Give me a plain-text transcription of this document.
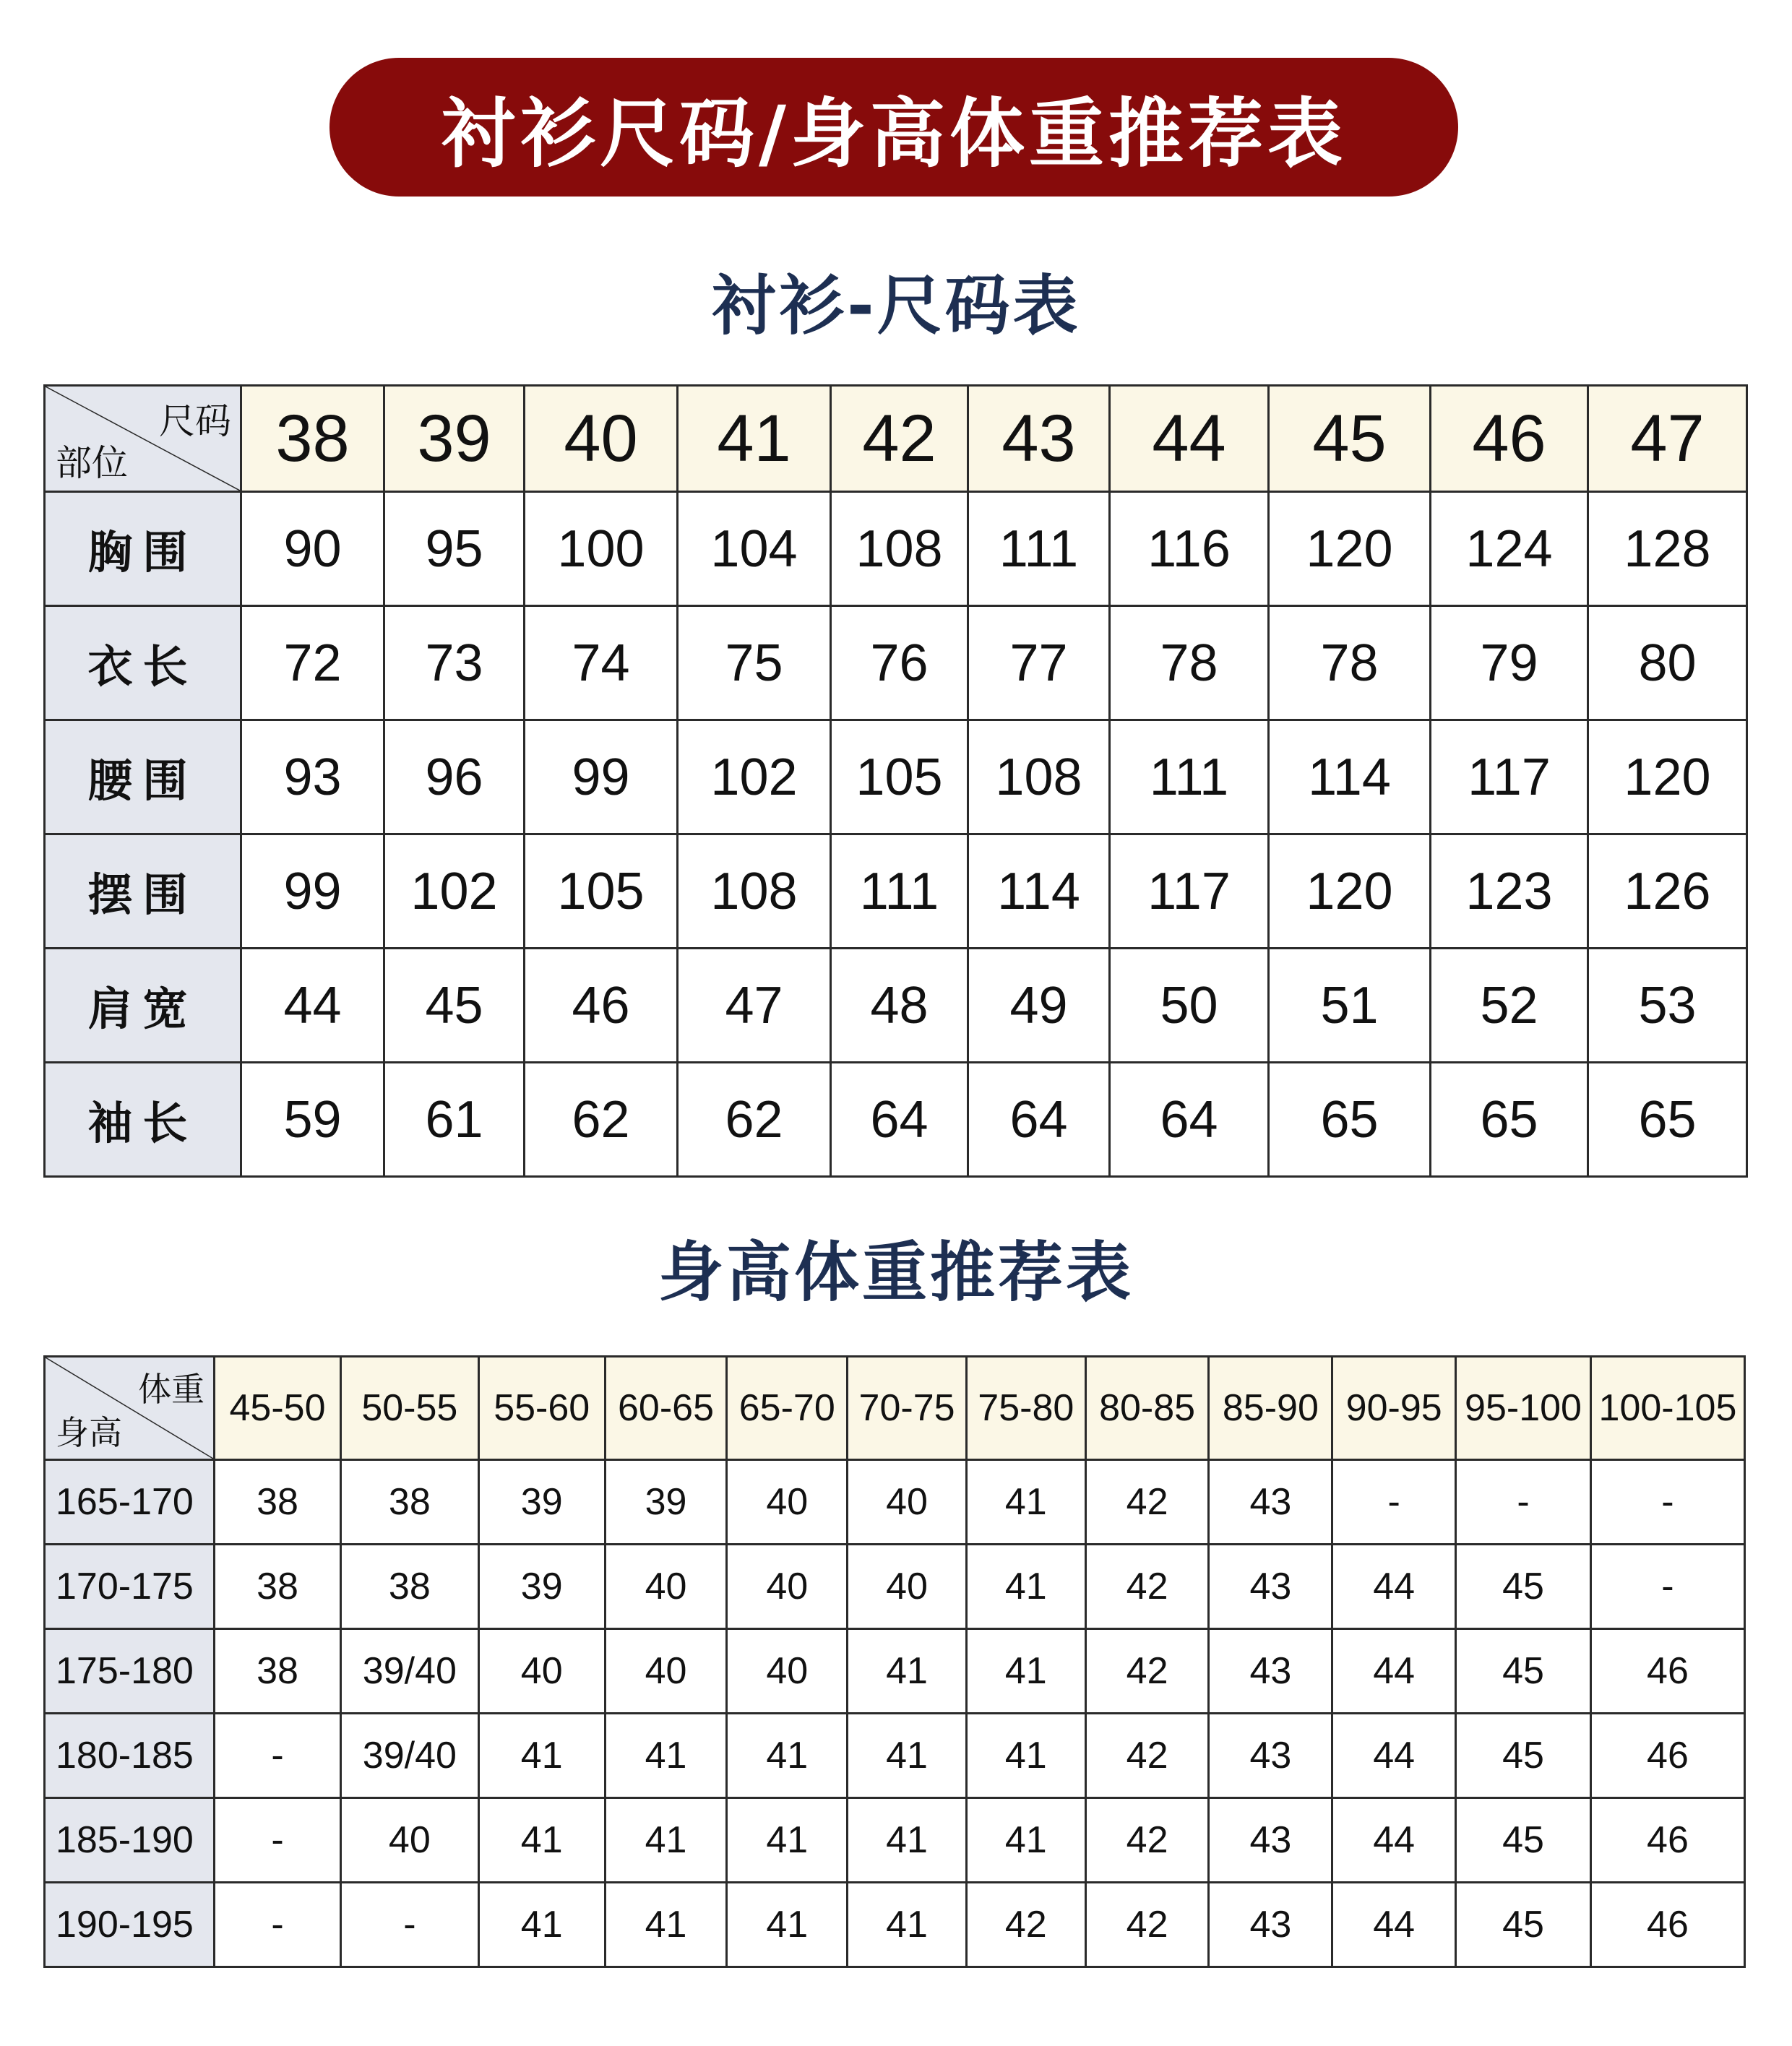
衬衫尺码/身高体重推荐表
衬衫-尺码表
尺码
部位	38	39	40	41	42	43	44	45	46	47
胸围	90	95	100	104	108	111	116	120	124	128
衣长	72	73	74	75	76	77	78	78	79	80
腰围	93	96	99	102	105	108	111	114	117	120
摆围	99	102	105	108	111	114	117	120	123	126
肩宽	44	45	46	47	48	49	50	51	52	53
袖长	59	61	62	62	64	64	64	65	65	65
身高体重推荐表
体重
身高	45-50	50-55	55-60	60-65	65-70	70-75	75-80	80-85	85-90	90-95	95-100	100-105
165-170	38	38	39	39	40	40	41	42	43	-	-	-
170-175	38	38	39	40	40	40	41	42	43	44	45	-
175-180	38	39/40	40	40	40	41	41	42	43	44	45	46
180-185	-	39/40	41	41	41	41	41	42	43	44	45	46
185-190	-	40	41	41	41	41	41	42	43	44	45	46
190-195	-	-	41	41	41	41	42	42	43	44	45	46
